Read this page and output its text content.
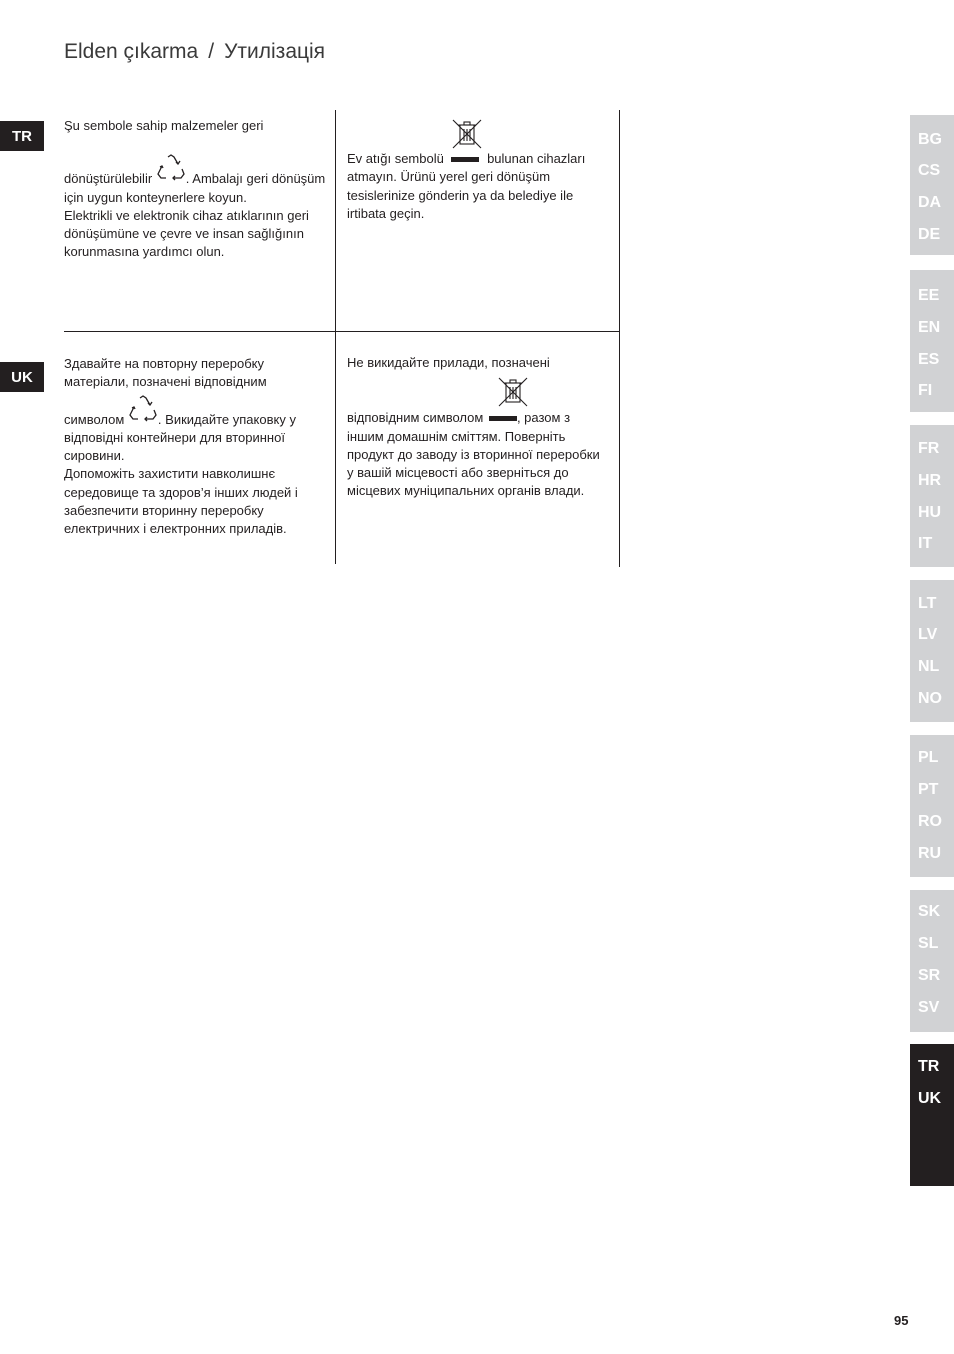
Elden çıkarma / Утилізація
TR
UK

Şu sembole sahip malzemeler geri

dönüştürülebilir . Ambalajı geri dönüşüm için uygun konteynerlere koyun.

Elektrikli ve elektronik cihaz atıklarının geri dönüşümüne ve çevre ve insan sağlığının korunmasına yardımcı olun.

Ev atığı sembolü	bulunan cihazları atmayın. Ürünü yerel geri dönüşüm tesislerinize gönderin ya da belediye ile irtibata geçin.

Здавайте на повторну переробку матеріали, позначені відповідним

символом . Викидайте упаковку у відповідні контейнери для вторинної сировини.

Допоможіть захистити навколишнє середовище та здоров’я інших людей і забезпечити вторинну переробку електричних і електронних приладів.

Не викидайте прилади, позначені

відповідним символом , разом з іншим домашнім сміттям. Поверніть продукт до заводу із вторинної переробки у вашій місцевості або зверніться до місцевих муніципальних органів влади.

BG
CS
DA
DE
EE
EN
ES
FI
FR
HR
HU
IT
LT
LV
NL
NO
PL
PT
RO
RU
SK
SL
SR
SV
TR
UK
95
